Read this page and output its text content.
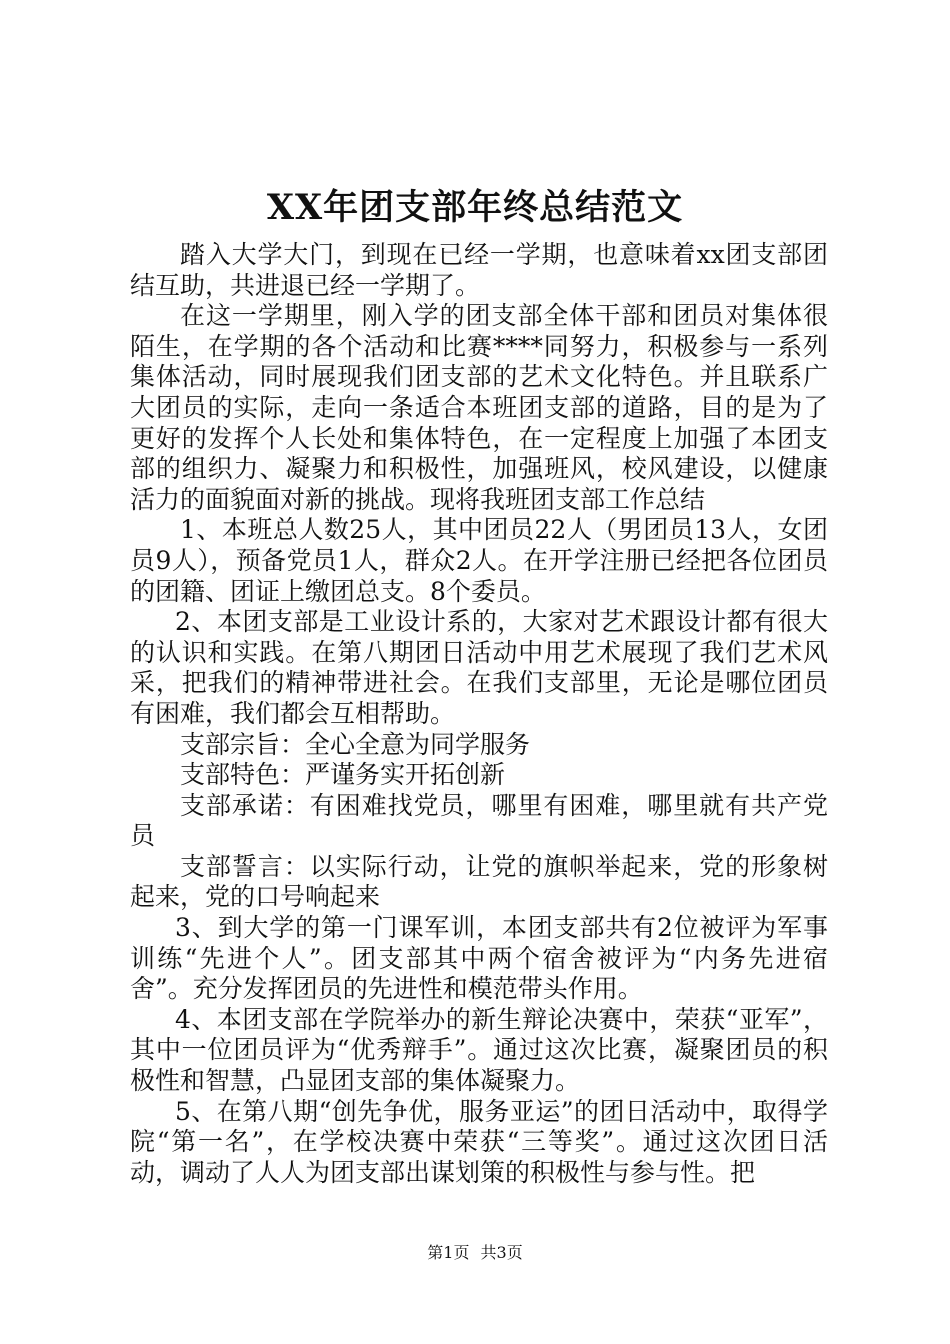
XX年团支部年终总结范文

踏入大学大门，到现在已经一学期，也意味着xx团支部团结互助，共进退已经一学期了。

在这一学期里，刚入学的团支部全体干部和团员对集体很陌生，在学期的各个活动和比赛****同努力，积极参与一系列集体活动，同时展现我们团支部的艺术文化特色。并且联系广大团员的实际，走向一条适合本班团支部的道路，目的是为了更好的发挥个人长处和集体特色，在一定程度上加强了本团支部的组织力、凝聚力和积极性，加强班风，校风建设，以健康活力的面貌面对新的挑战。现将我班团支部工作总结

1、本班总人数25人，其中团员22人（男团员13人，女团员9人），预备党员1人，群众2人。在开学注册已经把各位团员的团籍、团证上缴团总支。8个委员。

2、本团支部是工业设计系的，大家对艺术跟设计都有很大的认识和实践。在第八期团日活动中用艺术展现了我们艺术风采，把我们的精神带进社会。在我们支部里，无论是哪位团员有困难，我们都会互相帮助。

支部宗旨：全心全意为同学服务

支部特色：严谨务实开拓创新

支部承诺：有困难找党员，哪里有困难，哪里就有共产党员

支部誓言：以实际行动，让党的旗帜举起来，党的形象树起来，党的口号响起来

3、到大学的第一门课军训，本团支部共有2位被评为军事训练“先进个人”。团支部其中两个宿舍被评为“内务先进宿舍”。充分发挥团员的先进性和模范带头作用。

4、本团支部在学院举办的新生辩论决赛中，荣获“亚军”，其中一位团员评为“优秀辩手”。通过这次比赛，凝聚团员的积极性和智慧，凸显团支部的集体凝聚力。

5、在第八期“创先争优，服务亚运”的团日活动中，取得学院“第一名”，在学校决赛中荣获“三等奖”。通过这次团日活动，调动了人人为团支部出谋划策的积极性与参与性。把

第1页 共3页
